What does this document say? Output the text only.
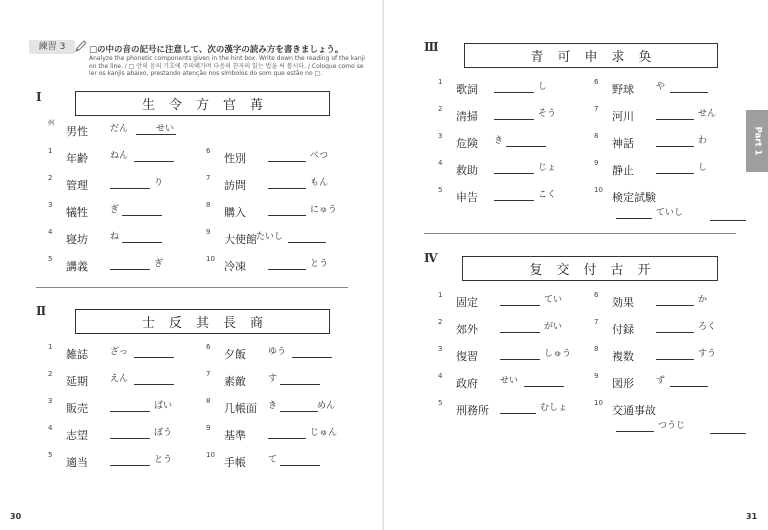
練習 3	□の中の音の記号に注意して、次の漢字の読み方を書きましょう。
Analyze the phonetic components given in the hint box. Write down the reading of the kanji on the line. / □ 안의 음의 기호에 주의해가며 다음의 한자의 읽는 법을 써 봅시다. / Coloque como se ler os kanjis abaixo, prestando atenção nos símbolos do som que estão no □.
Ⅰ
生 令 方 官 苒
例
男性 だん	せい
1
年齢 ねん
2
管理	り
3
犠牲 ぎ
4
寝坊 ね
5
講義	ぎ
6
性別	べつ
7
訪問	もん
8
購入	にゅう
9
大使館 たいし
10
冷凍	とう
Ⅱ
士 反 其 長 商
1
雑誌 ざっ
2
延期 えん
3
販売	ばい
4
志望	ぼう
5
適当	とう
6
夕飯 ゆう
7
素敵 す
8
几帳面 き	めん
9
基準	じゅん
10
手帳 て
30
Ⅲ
青 可 申 求 奂
1
歌詞	し
2
清掃	そう
3
危険 き
4
救助	じょ
5
申告	こく
6
野球 や
7
河川	せん
8
神話	わ
9
静止	し
10
検定試験
ていし
Ⅳ
复 交 付 古 开
1
固定	てい
2
郊外	がい
3
復習	しゅう
4
政府 せい
5
刑務所	むしょ
6
効果	か
7
付録	ろく
8
複数	すう
9
図形 ず
10
交通事故
つうじ
31
Part 1
